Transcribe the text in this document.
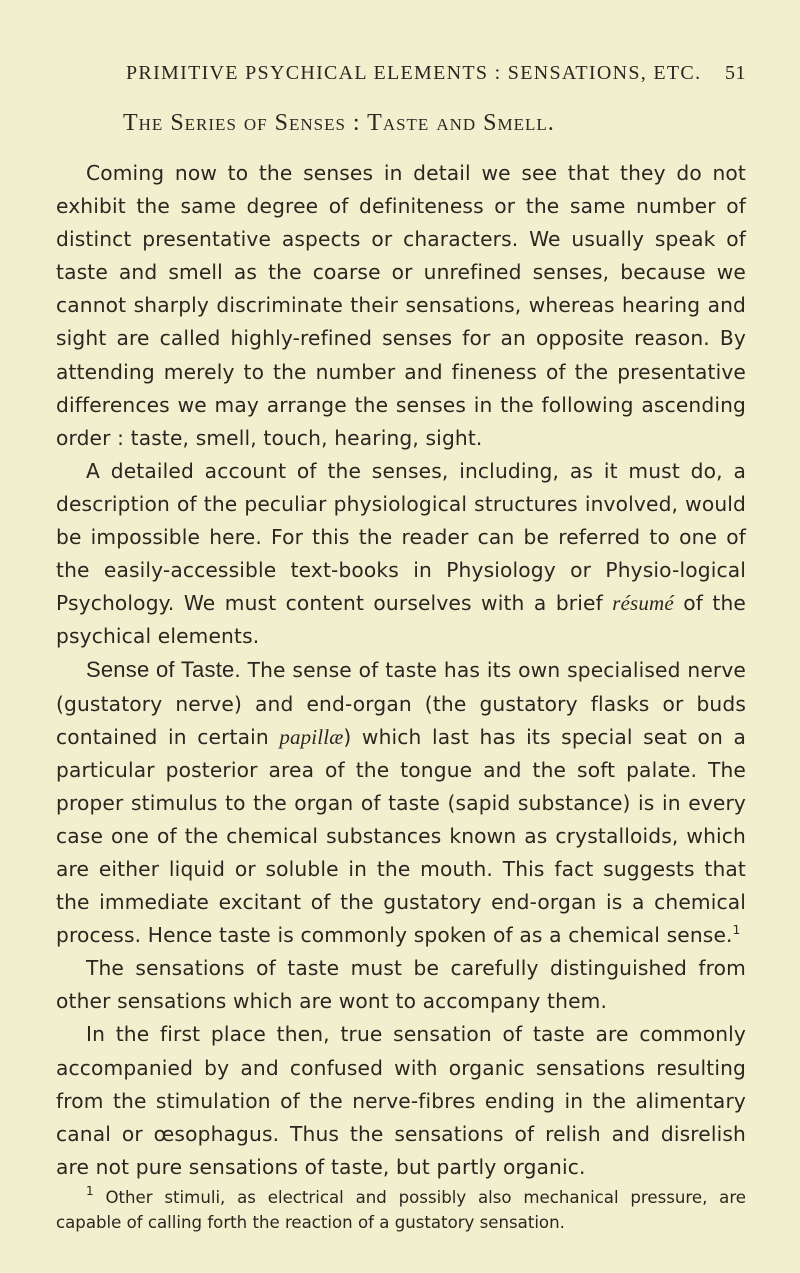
PRIMITIVE PSYCHICAL ELEMENTS : SENSATIONS, ETC. 51
The Series of Senses : Taste and Smell.

Coming now to the senses in detail we see that they do not exhibit the same degree of definiteness or the same number of distinct presentative aspects or characters. We usually speak of taste and smell as the coarse or unrefined senses, because we cannot sharply discriminate their sensations, whereas hearing and sight are called highly-refined senses for an opposite reason. By attending merely to the number and fineness of the presentative differences we may arrange the senses in the following ascending order : taste, smell, touch, hearing, sight.

A detailed account of the senses, including, as it must do, a description of the peculiar physiological structures involved, would be impossible here. For this the reader can be referred to one of the easily-accessible text-books in Physiology or Physio-logical Psychology. We must content ourselves with a brief résumé of the psychical elements.

Sense of Taste. The sense of taste has its own specialised nerve (gustatory nerve) and end-organ (the gustatory flasks or buds contained in certain papillæ) which last has its special seat on a particular posterior area of the tongue and the soft palate. The proper stimulus to the organ of taste (sapid substance) is in every case one of the chemical substances known as crystalloids, which are either liquid or soluble in the mouth. This fact suggests that the immediate excitant of the gustatory end-organ is a chemical process. Hence taste is commonly spoken of as a chemical sense.$^1$

The sensations of taste must be carefully distinguished from other sensations which are wont to accompany them.

In the first place then, true sensation of taste are commonly accompanied by and confused with organic sensations resulting from the stimulation of the nerve-fibres ending in the alimentary canal or œsophagus. Thus the sensations of relish and disrelish are not pure sensations of taste, but partly organic.

$^1$ Other stimuli, as electrical and possibly also mechanical pressure, are capable of calling forth the reaction of a gustatory sensation.
